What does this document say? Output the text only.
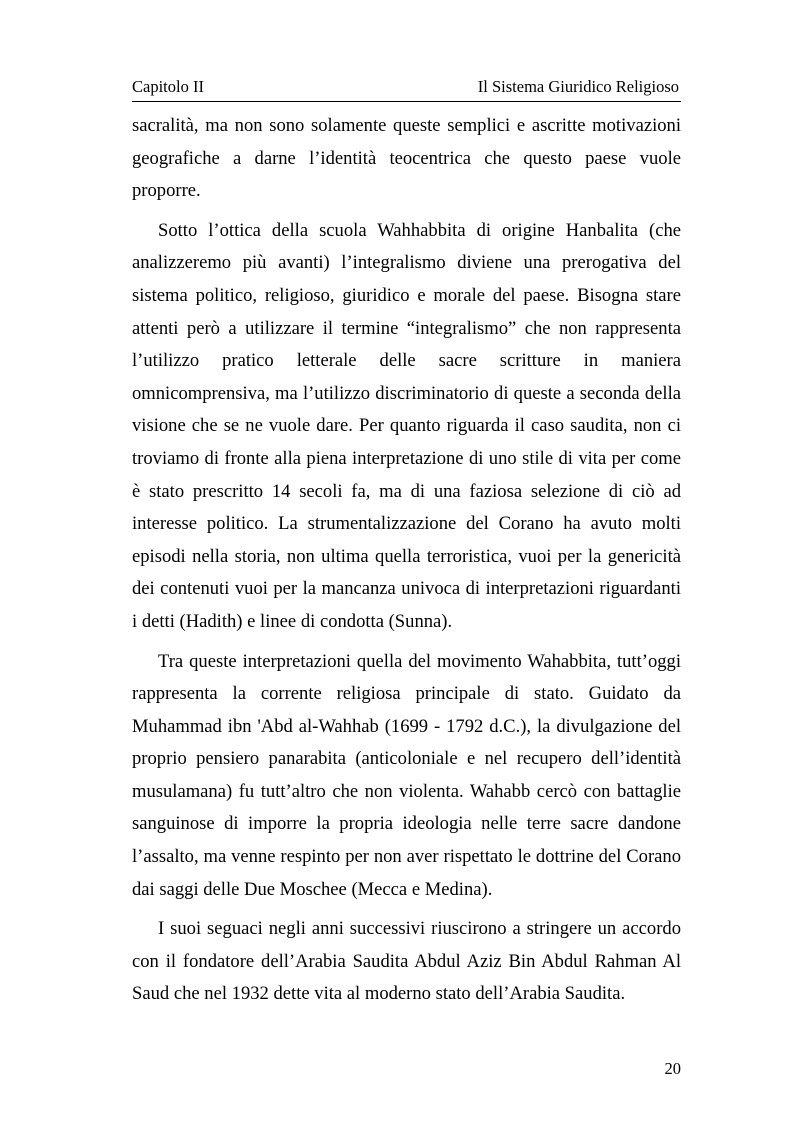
Capitolo II	Il Sistema Giuridico Religioso

sacralità, ma non sono solamente queste semplici e ascritte motivazioni geografiche a darne l’identità teocentrica che questo paese vuole proporre.

Sotto l’ottica della scuola Wahhabbita di origine Hanbalita (che analizzeremo più avanti) l’integralismo diviene una prerogativa del sistema politico, religioso, giuridico e morale del paese. Bisogna stare attenti però a utilizzare il termine “integralismo” che non rappresenta l’utilizzo pratico letterale delle sacre scritture in maniera omnicomprensiva, ma l’utilizzo discriminatorio di queste a seconda della visione che se ne vuole dare. Per quanto riguarda il caso saudita, non ci troviamo di fronte alla piena interpretazione di uno stile di vita per come è stato prescritto 14 secoli fa, ma di una faziosa selezione di ciò ad interesse politico. La strumentalizzazione del Corano ha avuto molti episodi nella storia, non ultima quella terroristica, vuoi per la genericità dei contenuti vuoi per la mancanza univoca di interpretazioni riguardanti i detti (Hadith) e linee di condotta (Sunna).

Tra queste interpretazioni quella del movimento Wahabbita, tutt’oggi rappresenta la corrente religiosa principale di stato. Guidato da Muhammad ibn 'Abd al-Wahhab (1699 - 1792 d.C.), la divulgazione del proprio pensiero panarabita (anticoloniale e nel recupero dell’identità musulamana) fu tutt’altro che non violenta. Wahabb cercò con battaglie sanguinose di imporre la propria ideologia nelle terre sacre dandone l’assalto, ma venne respinto per non aver rispettato le dottrine del Corano dai saggi delle Due Moschee (Mecca e Medina).

I suoi seguaci negli anni successivi riuscirono a stringere un accordo con il fondatore dell’Arabia Saudita Abdul Aziz Bin Abdul Rahman Al Saud che nel 1932 dette vita al moderno stato dell’Arabia Saudita.

20
